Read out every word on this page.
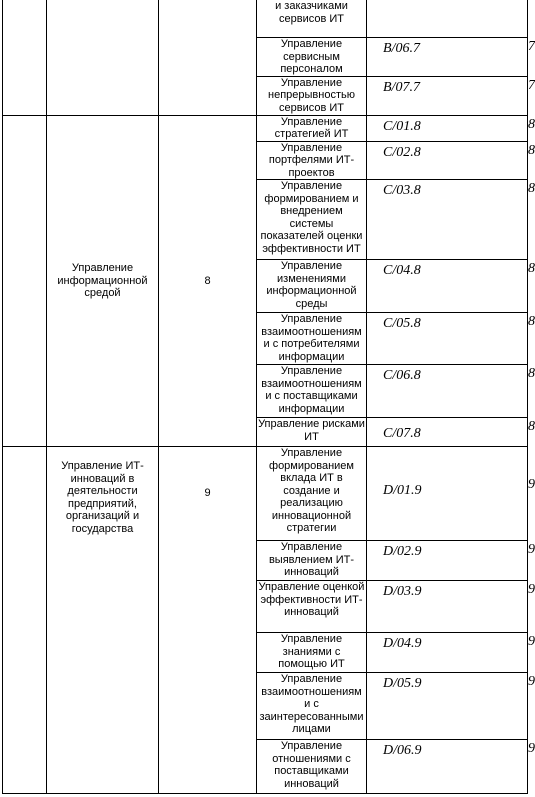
			и заказчиками сервисов ИТ	

			Управление сервисным персоналом	B/06.7	7

			Управление непрерывностью сервисов ИТ	B/07.7	7

	Управление информационной средой	8	Управление стратегией ИТ	C/01.8	8

			Управление портфелями ИТ-проектов	C/02.8	8

			Управление формированием и внедрением системы показателей оценки эффективности ИТ	C/03.8	8

			Управление изменениями информационной среды	C/04.8	8

			Управление взаимоотношениям и с потребителями информации	C/05.8	8

			Управление взаимоотношениям и с поставщиками информации	C/06.8	8

			Управление рисками ИТ	C/07.8	8

	Управление ИТ-инноваций в деятельности предприятий, организаций и государства	9	Управление формированием вклада ИТ в создание и реализацию инновационной стратегии	D/01.9	9

			Управление выявлением ИТ-инноваций	D/02.9	9

			Управление оценкой эффективности ИТ-инноваций	D/03.9	9

			Управление знаниями с помощью ИТ	D/04.9	9

			Управление взаимоотношениям и с заинтересованными лицами	D/05.9	9

			Управление отношениями с поставщиками инноваций	D/06.9	9
